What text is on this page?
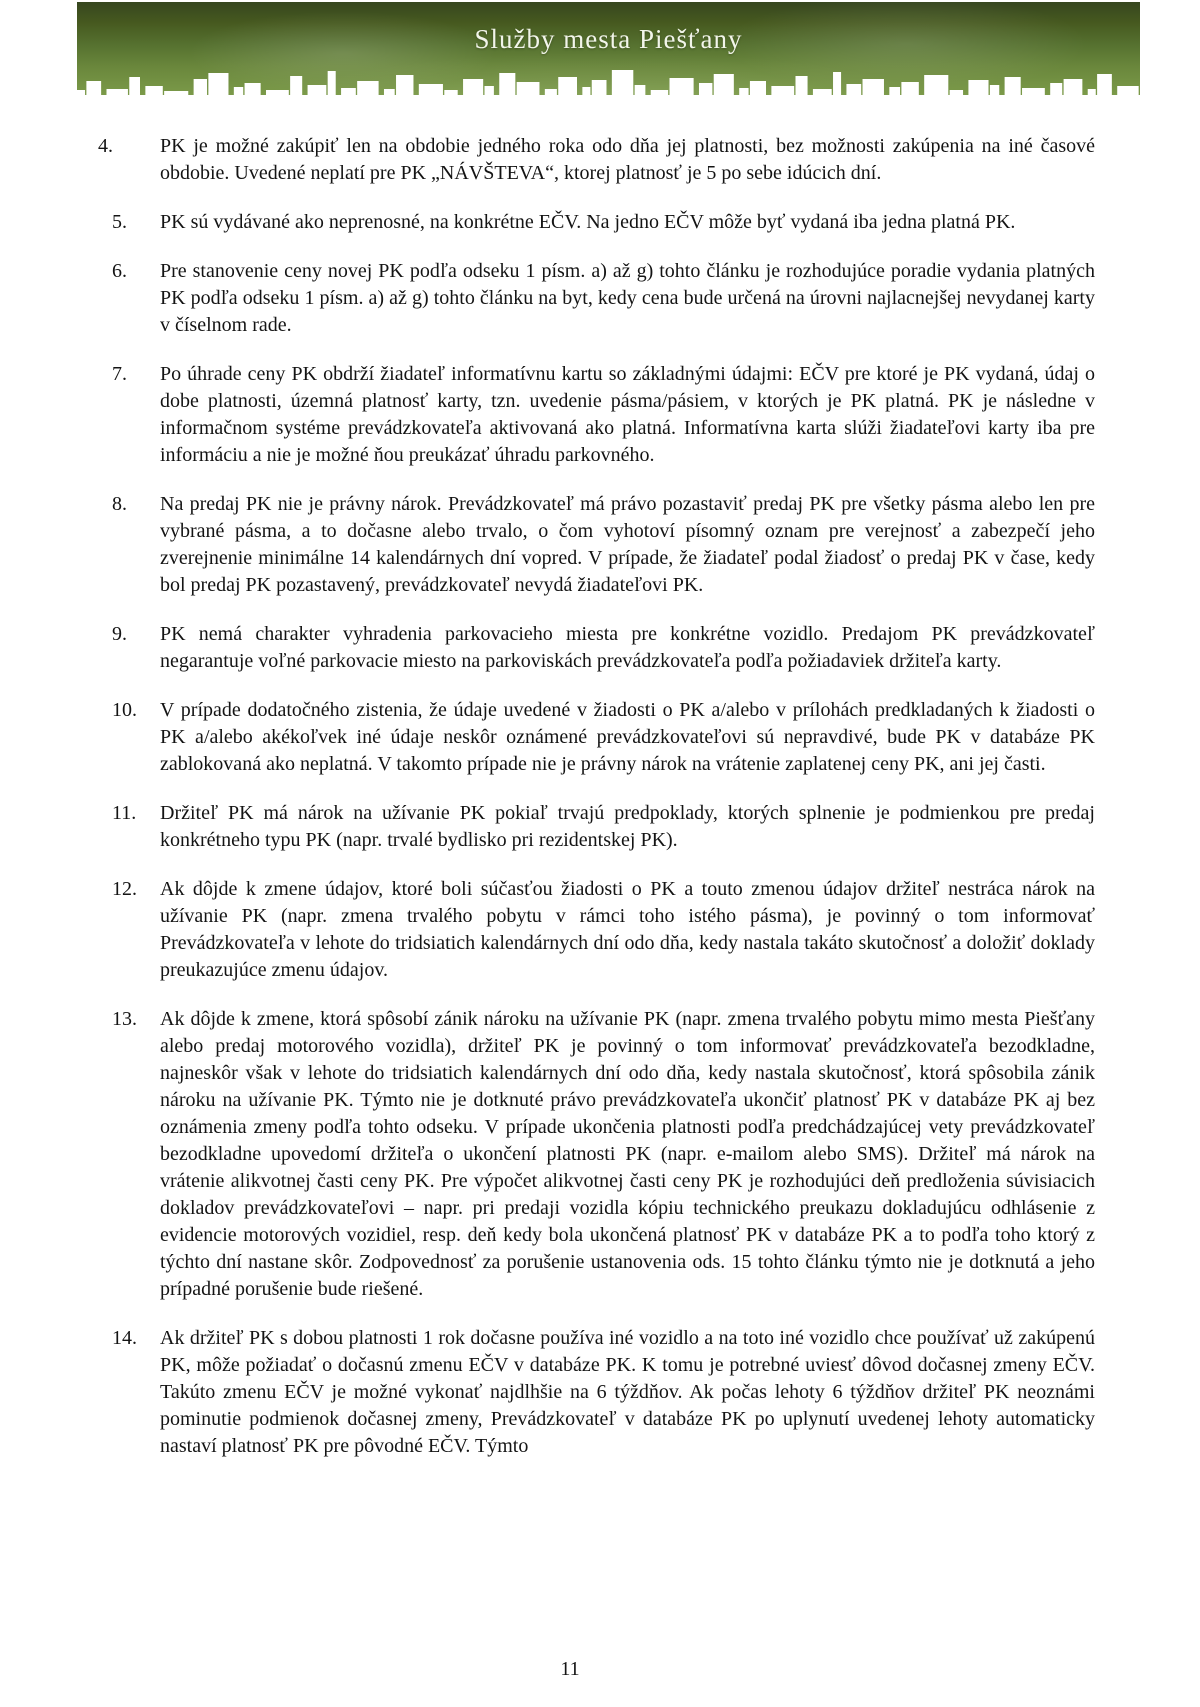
Služby mesta Piešťany
4.	PK je možné zakúpiť len na obdobie jedného roka odo dňa jej platnosti, bez možnosti zakúpenia na iné časové obdobie. Uvedené neplatí pre PK „NÁVŠTEVA“, ktorej platnosť je 5 po sebe idúcich dní.
5.	PK sú vydávané ako neprenosné, na konkrétne EČV. Na jedno EČV môže byť vydaná iba jedna platná PK.
6.	Pre stanovenie ceny novej PK podľa odseku 1 písm. a) až g) tohto článku je rozhodujúce poradie vydania platných PK podľa odseku 1 písm. a) až g) tohto článku na byt, kedy cena bude určená na úrovni najlacnejšej nevydanej karty v číselnom rade.
7.	Po úhrade ceny PK obdrží žiadateľ informatívnu kartu so základnými údajmi: EČV pre ktoré je PK vydaná, údaj o dobe platnosti, územná platnosť karty, tzn. uvedenie pásma/pásiem, v ktorých je PK platná. PK je následne v informačnom systéme prevádzkovateľa aktivovaná ako platná. Informatívna karta slúži žiadateľovi karty iba pre informáciu a nie je možné ňou preukázať úhradu parkovného.
8.	Na predaj PK nie je právny nárok. Prevádzkovateľ má právo pozastaviť predaj PK pre všetky pásma alebo len pre vybrané pásma, a to dočasne alebo trvalo, o čom vyhotoví písomný oznam pre verejnosť a zabezpečí jeho zverejnenie minimálne 14 kalendárnych dní vopred. V prípade, že žiadateľ podal žiadosť o predaj PK v čase, kedy bol predaj PK pozastavený, prevádzkovateľ nevydá žiadateľovi PK.
9.	PK nemá charakter vyhradenia parkovacieho miesta pre konkrétne vozidlo. Predajom PK prevádzkovateľ negarantuje voľné parkovacie miesto na parkoviskách prevádzkovateľa podľa požiadaviek držiteľa karty.
10.	V prípade dodatočného zistenia, že údaje uvedené v žiadosti o PK a/alebo v prílohách predkladaných k žiadosti o PK a/alebo akékoľvek iné údaje neskôr oznámené prevádzkovateľovi sú nepravdivé, bude PK v databáze PK zablokovaná ako neplatná. V takomto prípade nie je právny nárok na vrátenie zaplatenej ceny PK, ani jej časti.
11.	Držiteľ PK má nárok na užívanie PK pokiaľ trvajú predpoklady, ktorých splnenie je podmienkou pre predaj konkrétneho typu PK (napr. trvalé bydlisko pri rezidentskej PK).
12.	Ak dôjde k zmene údajov, ktoré boli súčasťou žiadosti o PK a touto zmenou údajov držiteľ nestráca nárok na užívanie PK (napr. zmena trvalého pobytu v rámci toho istého pásma), je povinný o tom informovať Prevádzkovateľa v lehote do tridsiatich kalendárnych dní odo dňa, kedy nastala takáto skutočnosť a doložiť doklady preukazujúce zmenu údajov.
13.	Ak dôjde k zmene, ktorá spôsobí zánik nároku na užívanie PK (napr. zmena trvalého pobytu mimo mesta Piešťany alebo predaj motorového vozidla), držiteľ PK je povinný o tom informovať prevádzkovateľa bezodkladne, najneskôr však v lehote do tridsiatich kalendárnych dní odo dňa, kedy nastala skutočnosť, ktorá spôsobila zánik nároku na užívanie PK. Týmto nie je dotknuté právo prevádzkovateľa ukončiť platnosť PK v databáze PK aj bez oznámenia zmeny podľa tohto odseku. V prípade ukončenia platnosti podľa predchádzajúcej vety prevádzkovateľ bezodkladne upovedomí držiteľa o ukončení platnosti PK (napr. e-mailom alebo SMS). Držiteľ má nárok na vrátenie alikvotnej časti ceny PK. Pre výpočet alikvotnej časti ceny PK je rozhodujúci deň predloženia súvisiacich dokladov prevádzkovateľovi – napr. pri predaji vozidla kópiu technického preukazu dokladujúcu odhlásenie z evidencie motorových vozidiel, resp. deň kedy bola ukončená platnosť PK v databáze PK a to podľa toho ktorý z týchto dní nastane skôr. Zodpovednosť za porušenie ustanovenia ods. 15 tohto článku týmto nie je dotknutá a jeho prípadné porušenie bude riešené.
14.	Ak držiteľ PK s dobou platnosti 1 rok dočasne používa iné vozidlo a na toto iné vozidlo chce používať už zakúpenú PK, môže požiadať o dočasnú zmenu EČV v databáze PK. K tomu je potrebné uviesť dôvod dočasnej zmeny EČV. Takúto zmenu EČV je možné vykonať najdlhšie na 6 týždňov. Ak počas lehoty 6 týždňov držiteľ PK neoznámi pominutie podmienok dočasnej zmeny, Prevádzkovateľ v databáze PK po uplynutí uvedenej lehoty automaticky nastaví platnosť PK pre pôvodné EČV. Týmto
11
